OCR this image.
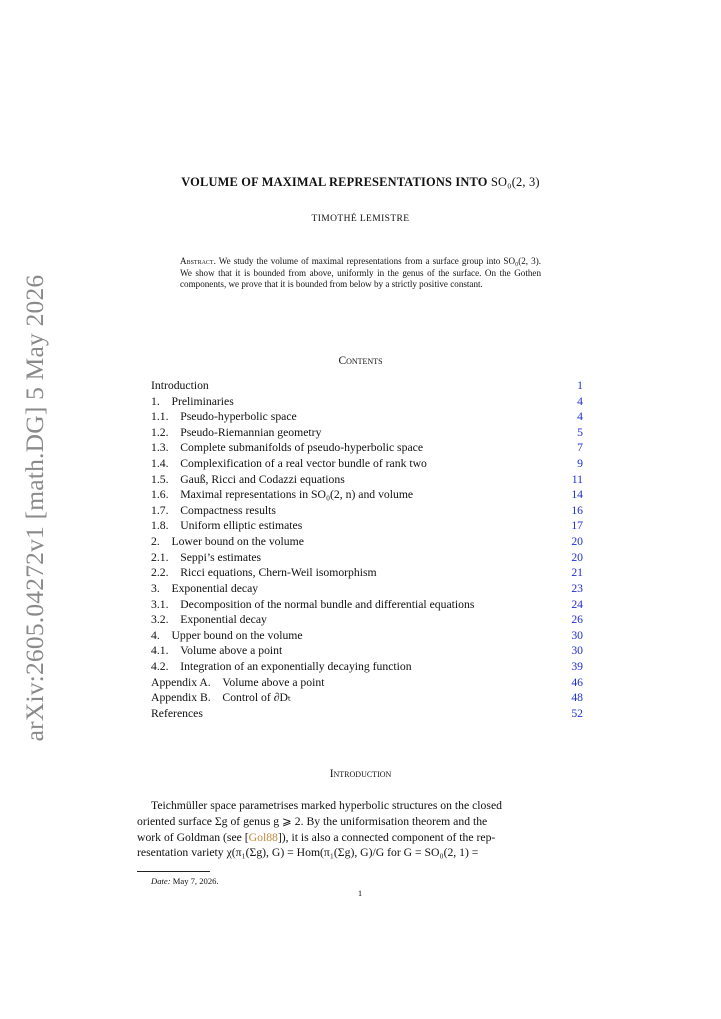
arXiv:2605.04272v1 [math.DG] 5 May 2026
VOLUME OF MAXIMAL REPRESENTATIONS INTO SO₀(2, 3)
TIMOTHÉ LEMISTRE
Abstract. We study the volume of maximal representations from a surface group into SO₀(2, 3). We show that it is bounded from above, uniformly in the genus of the surface. On the Gothen components, we prove that it is bounded from below by a strictly positive constant.
Contents
Introduction	1
1.  Preliminaries	4
1.1.  Pseudo-hyperbolic space	4
1.2.  Pseudo-Riemannian geometry	5
1.3.  Complete submanifolds of pseudo-hyperbolic space	7
1.4.  Complexification of a real vector bundle of rank two	9
1.5.  Gauß, Ricci and Codazzi equations	11
1.6.  Maximal representations in SO₀(2, n) and volume	14
1.7.  Compactness results	16
1.8.  Uniform elliptic estimates	17
2.  Lower bound on the volume	20
2.1.  Seppi’s estimates	20
2.2.  Ricci equations, Chern-Weil isomorphism	21
3.  Exponential decay	23
3.1.  Decomposition of the normal bundle and differential equations	24
3.2.  Exponential decay	26
4.  Upper bound on the volume	30
4.1.  Volume above a point	30
4.2.  Integration of an exponentially decaying function	39
Appendix A.  Volume above a point	46
Appendix B.  Control of ∂Dₜ	48
References	52
Introduction
Teichmüller space parametrises marked hyperbolic structures on the closed
oriented surface Σg of genus g ⩾ 2. By the uniformisation theorem and the
work of Goldman (see [Gol88]), it is also a connected component of the rep-
resentation variety χ(π₁(Σg), G) = Hom(π₁(Σg), G)/G for G = SO₀(2, 1) =
Date: May 7, 2026.
1
